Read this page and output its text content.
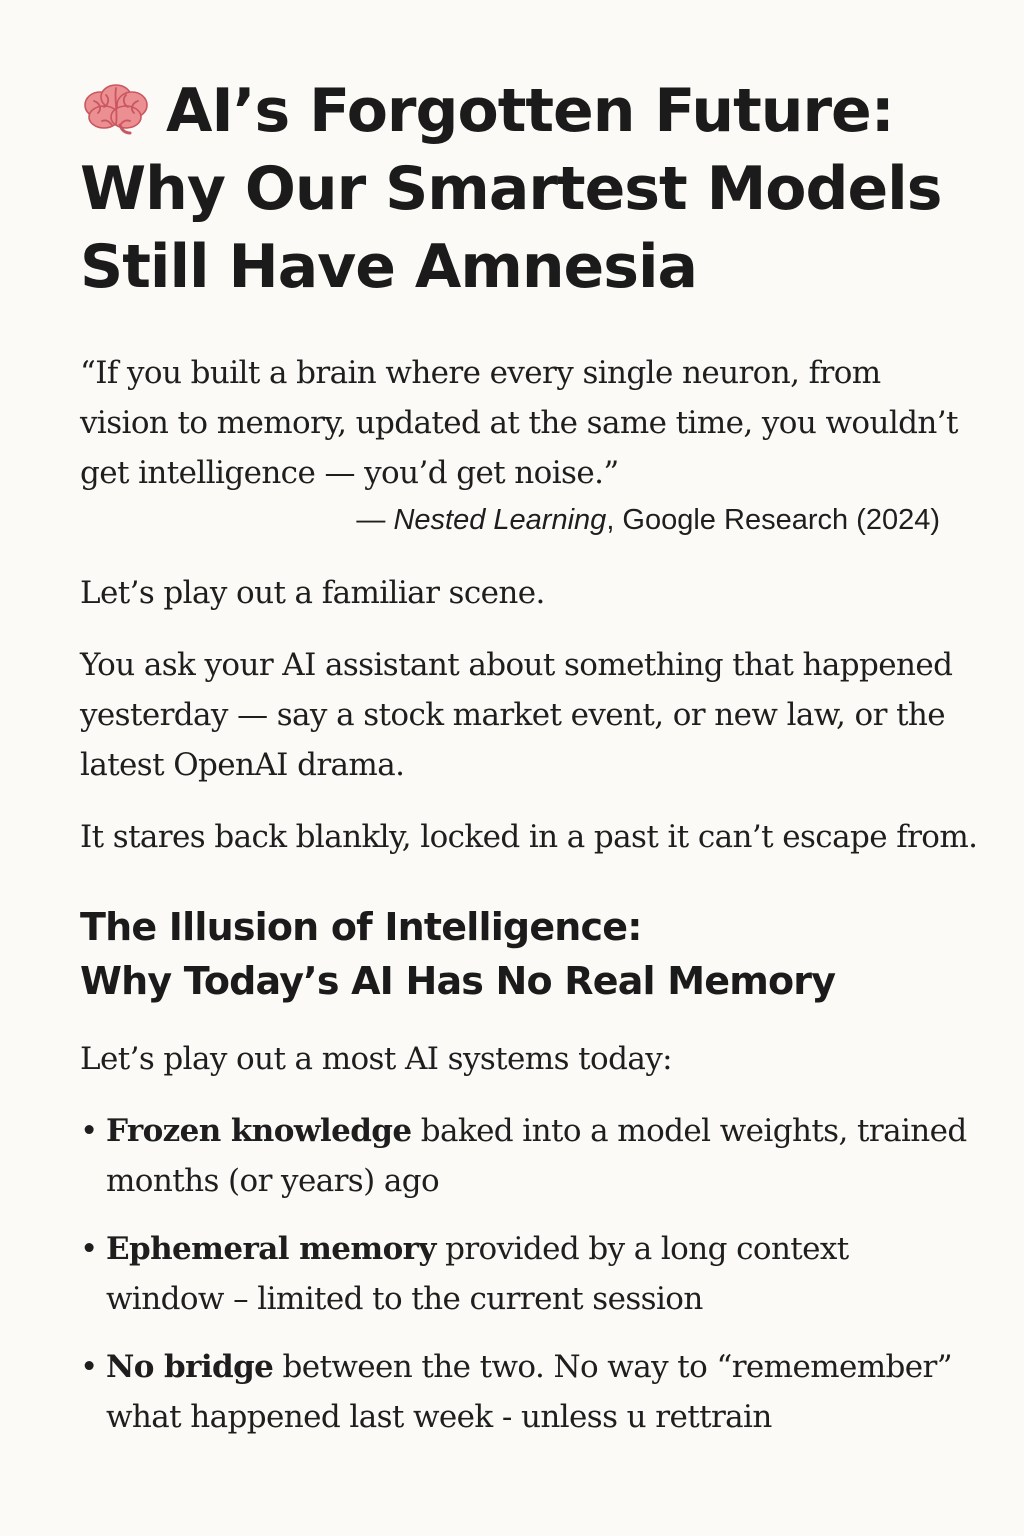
AI’s Forgotten Future:
Why Our Smartest Models
Still Have Amnesia
“If you built a brain where every single neuron, from
vision to memory, updated at the same time, you wouldn’t
get intelligence — you’d get noise.”

— Nested Learning, Google Research (2024)

Let’s play out a familiar scene.

You ask your AI assistant about something that happened
yesterday — say a stock market event, or new law, or the
latest OpenAI drama.

It stares back blankly, locked in a past it can’t escape from.

The Illusion of Intelligence:
Why Today’s AI Has No Real Memory

Let’s play out a most AI systems today:

• Frozen knowledge baked into a model weights, trained
months (or years) ago
• Ephemeral memory provided by a long context
window – limited to the current session
• No bridge between the two. No way to “rememember”
what happened last week - unless u rettrain
